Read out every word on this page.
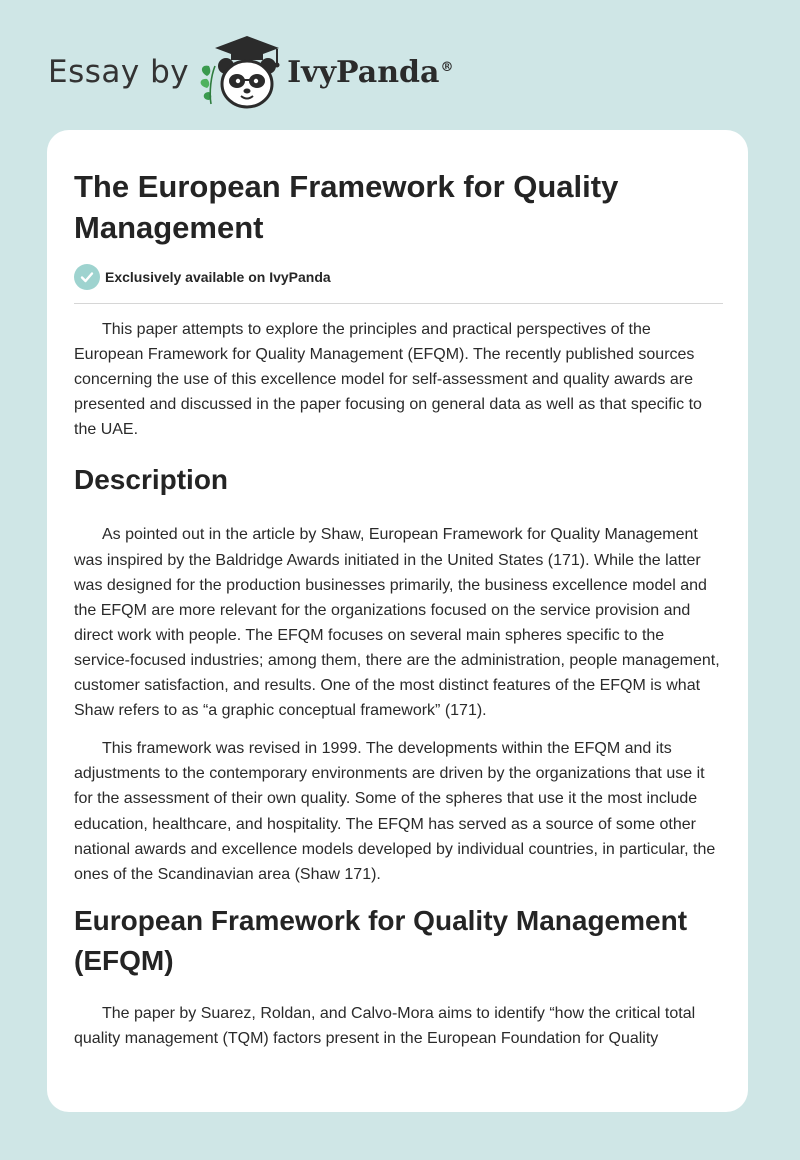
Essay by	IvyPanda®
The European Framework for Quality Management
Exclusively available on IvyPanda

This paper attempts to explore the principles and practical perspectives of the European Framework for Quality Management (EFQM). The recently published sources concerning the use of this excellence model for self-assessment and quality awards are presented and discussed in the paper focusing on general data as well as that specific to the UAE.

Description

As pointed out in the article by Shaw, European Framework for Quality Management was inspired by the Baldridge Awards initiated in the United States (171). While the latter was designed for the production businesses primarily, the business excellence model and the EFQM are more relevant for the organizations focused on the service provision and direct work with people. The EFQM focuses on several main spheres specific to the service-focused industries; among them, there are the administration, people management, customer satisfaction, and results. One of the most distinct features of the EFQM is what Shaw refers to as “a graphic conceptual framework” (171).

This framework was revised in 1999. The developments within the EFQM and its adjustments to the contemporary environments are driven by the organizations that use it for the assessment of their own quality. Some of the spheres that use it the most include education, healthcare, and hospitality. The EFQM has served as a source of some other national awards and excellence models developed by individual countries, in particular, the ones of the Scandinavian area (Shaw 171).

European Framework for Quality Management (EFQM)

The paper by Suarez, Roldan, and Calvo-Mora aims to identify “how the critical total quality management (TQM) factors present in the European Foundation for Quality
